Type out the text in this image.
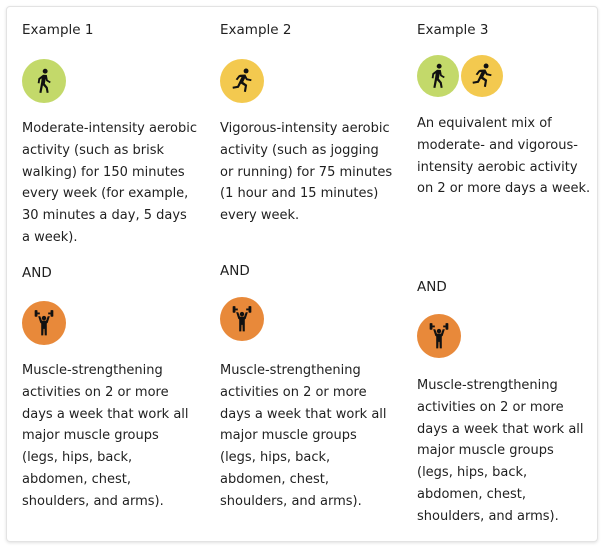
Example 1
Moderate-intensity aerobic activity (such as brisk walking) for 150 minutes every week (for example, 30 minutes a day, 5 days a week).
AND
Muscle-strengthening activities on 2 or more days a week that work all major muscle groups (legs, hips, back, abdomen, chest, shoulders, and arms).
Example 2
Vigorous-intensity aerobic activity (such as jogging or running) for 75 minutes (1 hour and 15 minutes) every week.
AND
Muscle-strengthening activities on 2 or more days a week that work all major muscle groups (legs, hips, back, abdomen, chest, shoulders, and arms).
Example 3
An equivalent mix of moderate- and vigorous-intensity aerobic activity on 2 or more days a week.
AND
Muscle-strengthening activities on 2 or more days a week that work all major muscle groups (legs, hips, back, abdomen, chest, shoulders, and arms).
